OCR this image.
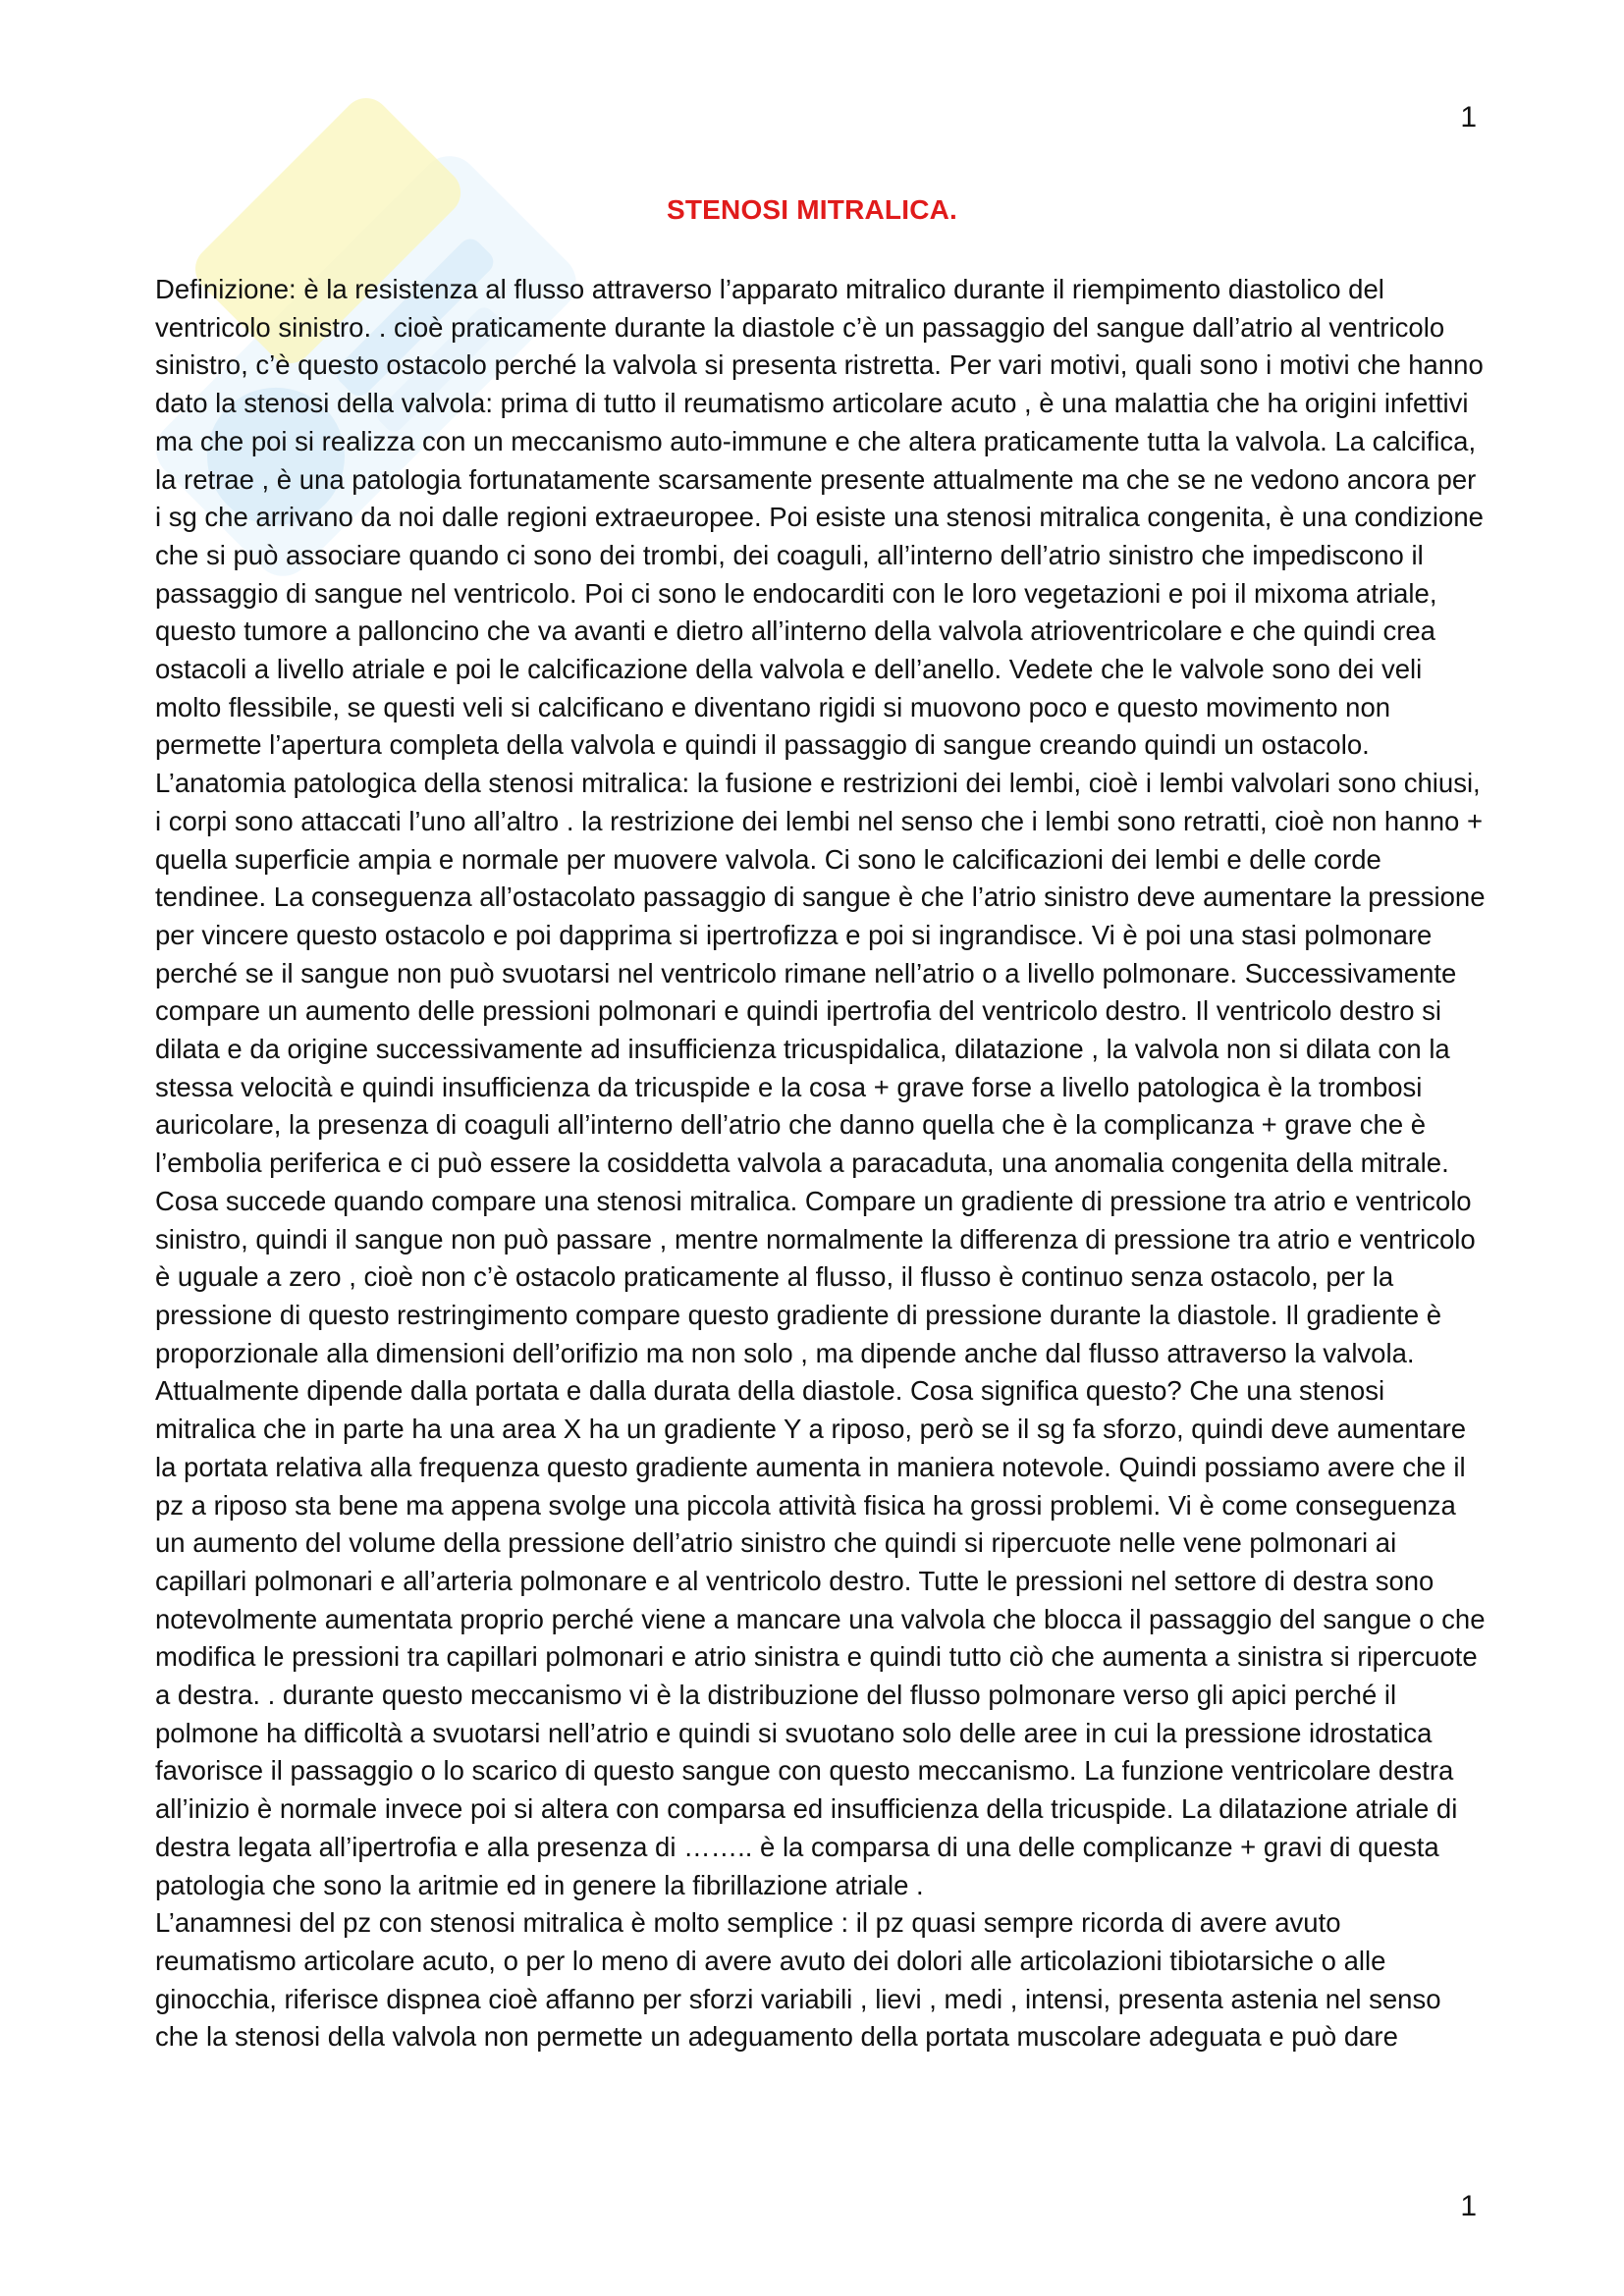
1
STENOSI MITRALICA.

Definizione: è la resistenza al flusso attraverso l’apparato mitralico durante il riempimento diastolico del ventricolo sinistro. . cioè praticamente durante la diastole c’è un passaggio del sangue dall’atrio al ventricolo sinistro, c’è questo ostacolo perché la valvola si presenta ristretta. Per vari motivi, quali sono i motivi che hanno dato la stenosi della valvola: prima di tutto il reumatismo articolare acuto , è una malattia che ha origini infettivi ma che poi si realizza con un meccanismo auto-immune e che altera praticamente tutta la valvola. La calcifica, la retrae , è una patologia fortunatamente scarsamente presente attualmente ma che se ne vedono ancora per i sg che arrivano da noi dalle regioni extraeuropee. Poi esiste una stenosi mitralica congenita, è una condizione che si può associare quando ci sono dei trombi, dei coaguli, all’interno dell’atrio sinistro che impediscono il passaggio di sangue nel ventricolo. Poi ci sono le endocarditi con le loro vegetazioni e poi il mixoma atriale, questo tumore a palloncino che va avanti e dietro all’interno della valvola atrioventricolare e che quindi crea ostacoli a livello atriale e poi le calcificazione della valvola e dell’anello. Vedete che le valvole sono dei veli molto flessibile, se questi veli si calcificano e diventano rigidi si muovono poco e questo movimento non permette l’apertura completa della valvola e quindi il passaggio di sangue creando quindi un ostacolo.

L’anatomia patologica della stenosi mitralica: la fusione e restrizioni dei lembi, cioè i lembi valvolari sono chiusi, i corpi sono attaccati l’uno all’altro . la restrizione dei lembi nel senso che i lembi sono retratti, cioè non hanno + quella superficie ampia e normale per muovere valvola. Ci sono le calcificazioni dei lembi e delle corde tendinee. La conseguenza all’ostacolato passaggio di sangue è che l’atrio sinistro deve aumentare la pressione per vincere questo ostacolo e poi dapprima si ipertrofizza e poi si ingrandisce. Vi è poi una stasi polmonare perché se il sangue non può svuotarsi nel ventricolo rimane nell’atrio o a livello polmonare. Successivamente compare un aumento delle pressioni polmonari e quindi ipertrofia del ventricolo destro. Il ventricolo destro si dilata e da origine successivamente ad insufficienza tricuspidalica, dilatazione , la valvola non si dilata con la stessa velocità e quindi insufficienza da tricuspide e la cosa + grave forse a livello patologica è la trombosi auricolare, la presenza di coaguli all’interno dell’atrio che danno quella che è la complicanza + grave che è l’embolia periferica e ci può essere la cosiddetta valvola a paracaduta, una anomalia congenita della mitrale.

Cosa succede quando compare una stenosi mitralica. Compare un gradiente di pressione tra atrio e ventricolo sinistro, quindi il sangue non può passare , mentre normalmente la differenza di pressione tra atrio e ventricolo è uguale a zero , cioè non c’è ostacolo praticamente al flusso, il flusso è continuo senza ostacolo, per la pressione di questo restringimento compare questo gradiente di pressione durante la diastole. Il gradiente è proporzionale alla dimensioni dell’orifizio ma non solo , ma dipende anche dal flusso attraverso la valvola. Attualmente dipende dalla portata e dalla durata della diastole. Cosa significa questo? Che una stenosi mitralica che in parte ha una area X ha un gradiente Y a riposo, però se il sg fa sforzo, quindi deve aumentare la portata relativa alla frequenza questo gradiente aumenta in maniera notevole. Quindi possiamo avere che il pz a riposo sta bene ma appena svolge una piccola attività fisica ha grossi problemi. Vi è come conseguenza un aumento del volume della pressione dell’atrio sinistro che quindi si ripercuote nelle vene polmonari ai capillari polmonari e all’arteria polmonare e al ventricolo destro. Tutte le pressioni nel settore di destra sono notevolmente aumentata proprio perché viene a mancare una valvola che blocca il passaggio del sangue o che modifica le pressioni tra capillari polmonari e atrio sinistra e quindi tutto ciò che aumenta a sinistra si ripercuote a destra. . durante questo meccanismo vi è la distribuzione del flusso polmonare verso gli apici perché il polmone ha difficoltà a svuotarsi nell’atrio e quindi si svuotano solo delle aree in cui la pressione idrostatica favorisce il passaggio o lo scarico di questo sangue con questo meccanismo. La funzione ventricolare destra all’inizio è normale invece poi si altera con comparsa ed insufficienza della tricuspide. La dilatazione atriale di destra legata all’ipertrofia e alla presenza di …….. è la comparsa di una delle complicanze + gravi di questa patologia che sono la aritmie ed in genere la fibrillazione atriale .

L’anamnesi del pz con stenosi mitralica è molto semplice : il pz quasi sempre ricorda di avere avuto reumatismo articolare acuto, o per lo meno di avere avuto dei dolori alle articolazioni tibiotarsiche o alle ginocchia, riferisce dispnea cioè affanno per sforzi variabili , lievi , medi , intensi, presenta astenia nel senso che la stenosi della valvola non permette un adeguamento della portata muscolare adeguata e può dare

1
